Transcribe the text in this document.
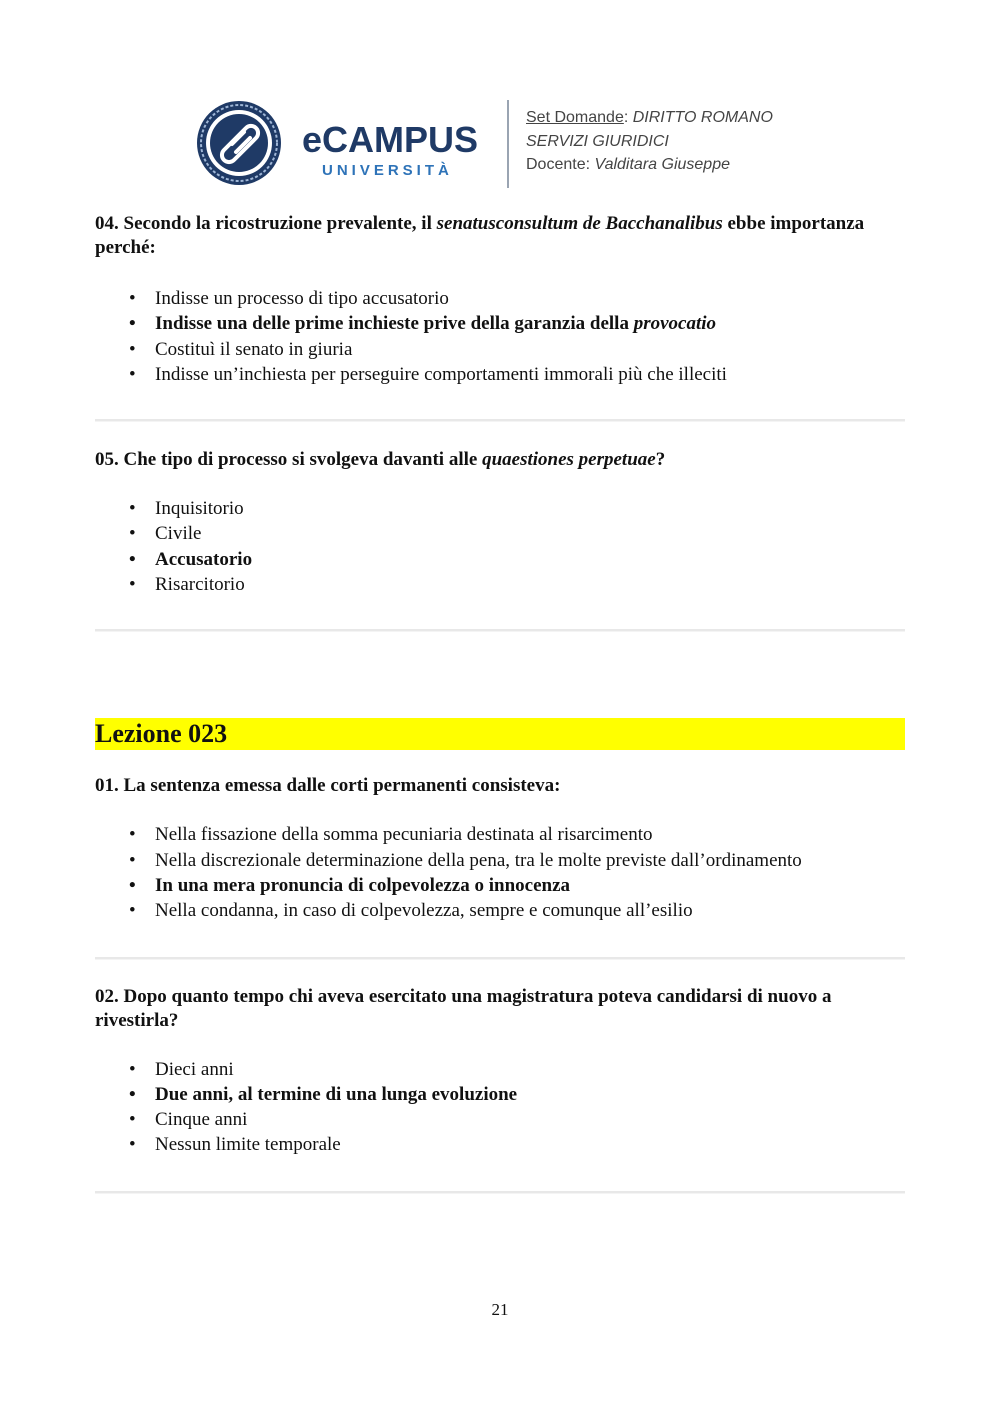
eCAMPUS
UNIVERSITÀ
Set Domande: DIRITTO ROMANO
SERVIZI GIURIDICI
Docente: Valditara Giuseppe

04. Secondo la ricostruzione prevalente, il senatusconsultum de Bacchanalibus ebbe importanza perché:

• Indisse un processo di tipo accusatorio
• Indisse una delle prime inchieste prive della garanzia della provocatio
• Costituì il senato in giuria
• Indisse un’inchiesta per perseguire comportamenti immorali più che illeciti

05. Che tipo di processo si svolgeva davanti alle quaestiones perpetuae?

• Inquisitorio
• Civile
• Accusatorio
• Risarcitorio
Lezione 023

01. La sentenza emessa dalle corti permanenti consisteva:

• Nella fissazione della somma pecuniaria destinata al risarcimento
• Nella discrezionale determinazione della pena, tra le molte previste dall’ordinamento
• In una mera pronuncia di colpevolezza o innocenza
• Nella condanna, in caso di colpevolezza, sempre e comunque all’esilio

02. Dopo quanto tempo chi aveva esercitato una magistratura poteva candidarsi di nuovo a rivestirla?

• Dieci anni
• Due anni, al termine di una lunga evoluzione
• Cinque anni
• Nessun limite temporale
21
